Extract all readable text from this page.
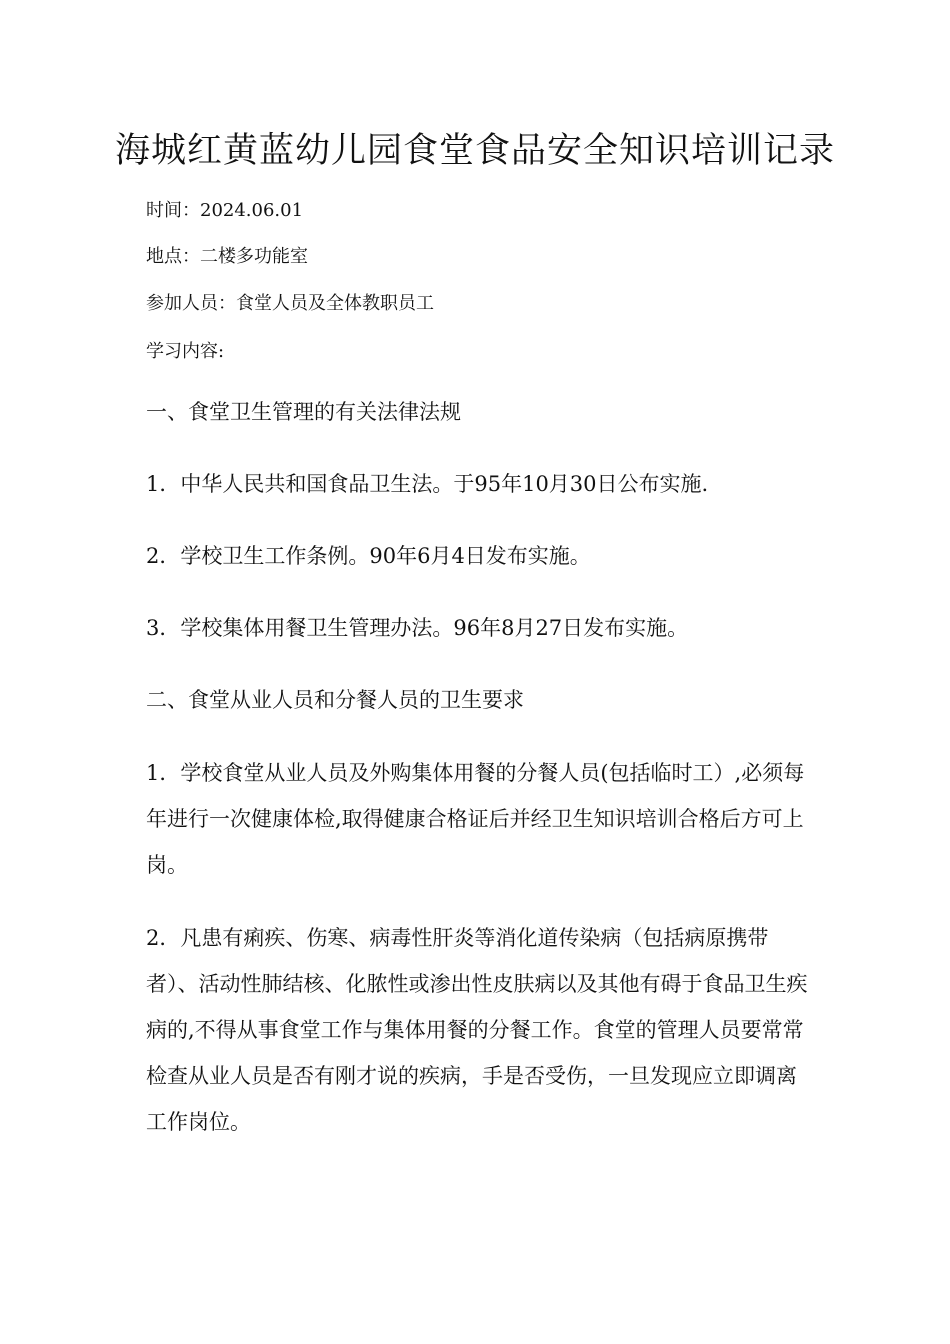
海城红黄蓝幼儿园食堂食品安全知识培训记录
时间：2024.06.01
地点：二楼多功能室
参加人员：食堂人员及全体教职员工
学习内容:

一、食堂卫生管理的有关法律法规

1．中华人民共和国食品卫生法。于95年10月30日公布实施.

2．学校卫生工作条例。90年6月4日发布实施。

3．学校集体用餐卫生管理办法。96年8月27日发布实施。

二、食堂从业人员和分餐人员的卫生要求

1．学校食堂从业人员及外购集体用餐的分餐人员(包括临时工）,必须每年进行一次健康体检,取得健康合格证后并经卫生知识培训合格后方可上岗。

2．凡患有痢疾、伤寒、病毒性肝炎等消化道传染病（包括病原携带者）、活动性肺结核、化脓性或渗出性皮肤病以及其他有碍于食品卫生疾病的,不得从事食堂工作与集体用餐的分餐工作。食堂的管理人员要常常检查从业人员是否有刚才说的疾病，手是否受伤，一旦发现应立即调离工作岗位。
